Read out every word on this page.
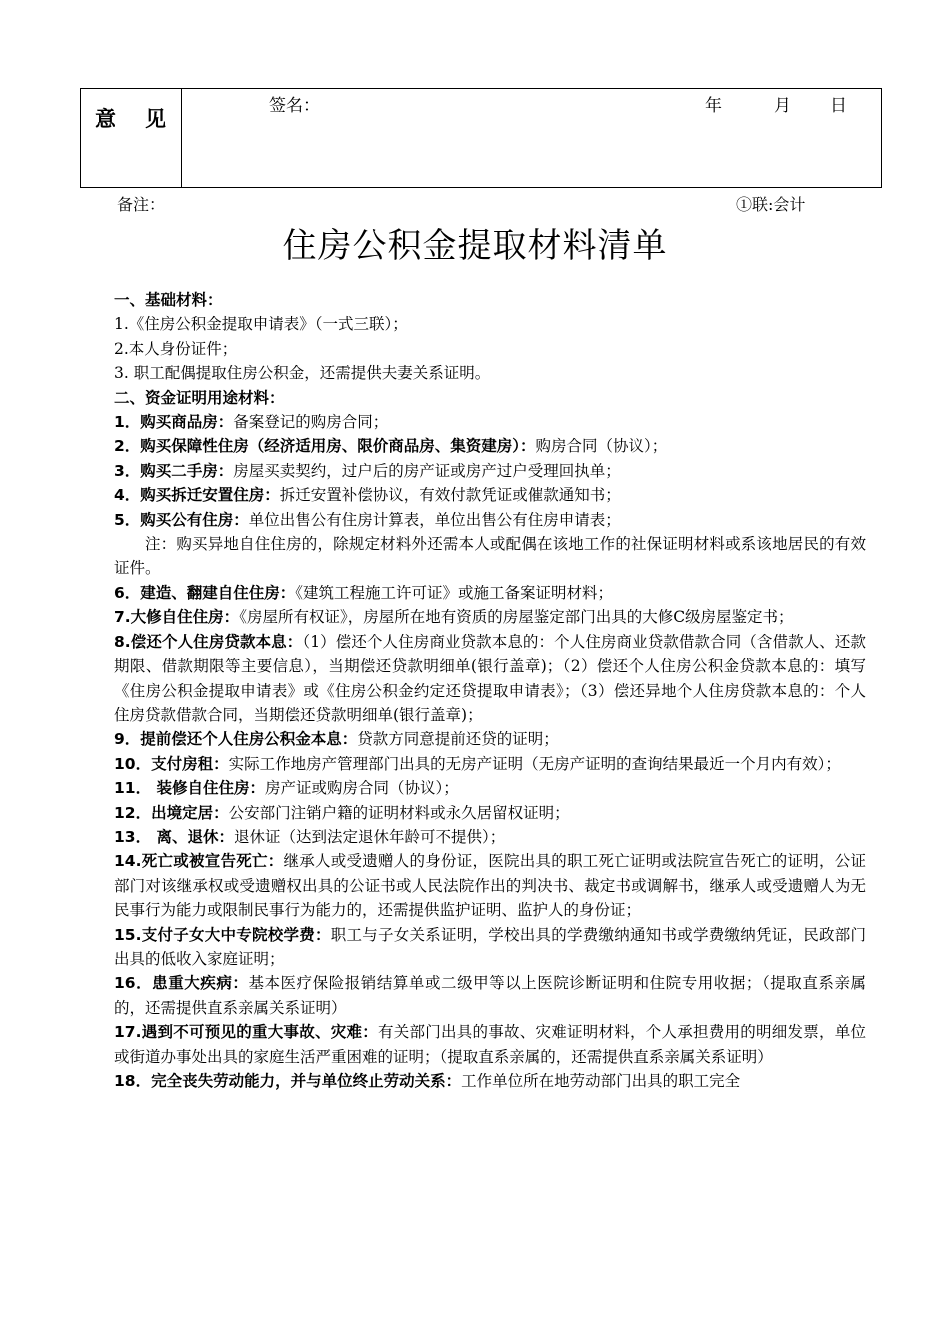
意 见
签名：	年	月 日
备注：	①联:会计
住房公积金提取材料清单
一、基础材料：
1.《住房公积金提取申请表》（一式三联）；
2.本人身份证件；
3. 职工配偶提取住房公积金，还需提供夫妻关系证明。
二、资金证明用途材料：
1．购买商品房：备案登记的购房合同；
2．购买保障性住房（经济适用房、限价商品房、集资建房）：购房合同（协议）；
3．购买二手房：房屋买卖契约，过户后的房产证或房产过户受理回执单；
4．购买拆迁安置住房：拆迁安置补偿协议，有效付款凭证或催款通知书；
5．购买公有住房：单位出售公有住房计算表，单位出售公有住房申请表；
注：购买异地自住住房的，除规定材料外还需本人或配偶在该地工作的社保证明材料或系该地居民的有效证件。
6．建造、翻建自住住房：《建筑工程施工许可证》或施工备案证明材料；
7.大修自住住房：《房屋所有权证》，房屋所在地有资质的房屋鉴定部门出具的大修C级房屋鉴定书；
8.偿还个人住房贷款本息：（1）偿还个人住房商业贷款本息的：个人住房商业贷款借款合同（含借款人、还款期限、借款期限等主要信息），当期偿还贷款明细单(银行盖章)；（2）偿还个人住房公积金贷款本息的：填写《住房公积金提取申请表》或《住房公积金约定还贷提取申请表》；（3）偿还异地个人住房贷款本息的：个人住房贷款借款合同，当期偿还贷款明细单(银行盖章)；
9．提前偿还个人住房公积金本息：贷款方同意提前还贷的证明；
10．支付房租：实际工作地房产管理部门出具的无房产证明（无房产证明的查询结果最近一个月内有效）；
11． 装修自住住房：房产证或购房合同（协议）；
12．出境定居：公安部门注销户籍的证明材料或永久居留权证明；
13． 离、退休：退休证（达到法定退休年龄可不提供）；
14.死亡或被宣告死亡：继承人或受遗赠人的身份证，医院出具的职工死亡证明或法院宣告死亡的证明，公证部门对该继承权或受遗赠权出具的公证书或人民法院作出的判决书、裁定书或调解书，继承人或受遗赠人为无民事行为能力或限制民事行为能力的，还需提供监护证明、监护人的身份证；
15.支付子女大中专院校学费：职工与子女关系证明，学校出具的学费缴纳通知书或学费缴纳凭证，民政部门出具的低收入家庭证明；
16．患重大疾病：基本医疗保险报销结算单或二级甲等以上医院诊断证明和住院专用收据；（提取直系亲属的，还需提供直系亲属关系证明）
17.遇到不可预见的重大事故、灾难：有关部门出具的事故、灾难证明材料，个人承担费用的明细发票，单位或街道办事处出具的家庭生活严重困难的证明；（提取直系亲属的，还需提供直系亲属关系证明）
18．完全丧失劳动能力，并与单位终止劳动关系：工作单位所在地劳动部门出具的职工完全
